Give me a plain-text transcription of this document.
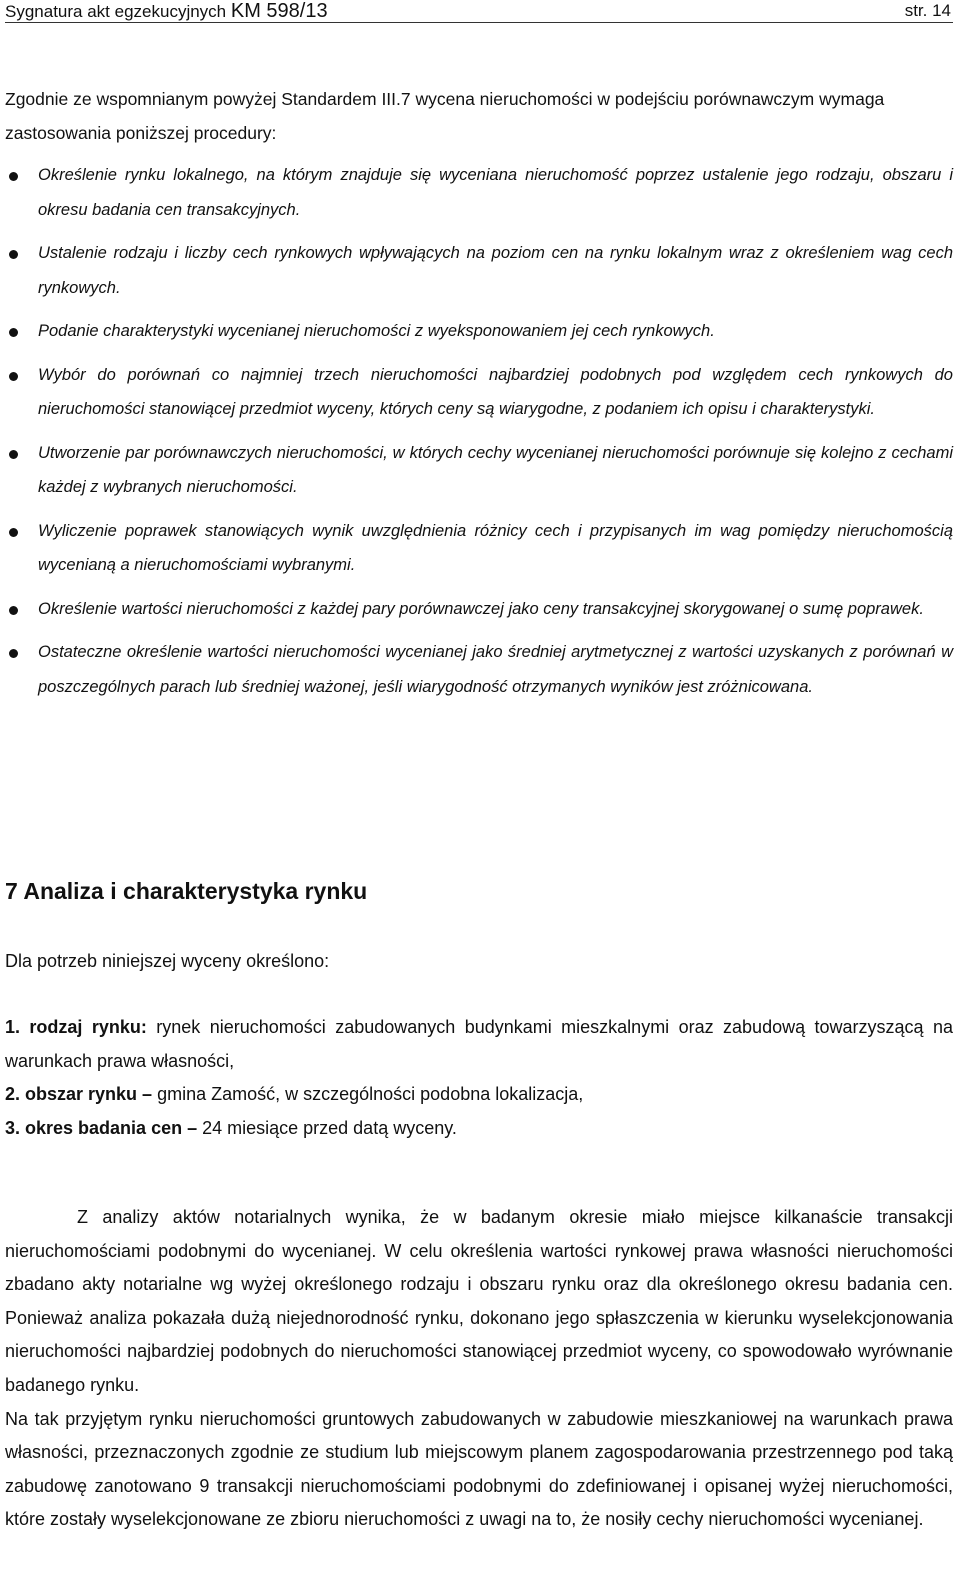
Sygnatura akt egzekucyjnych KM 598/13	str. 14
Zgodnie ze wspomnianym powyżej Standardem III.7 wycena nieruchomości w podejściu porównawczym wymaga zastosowania poniższej procedury:
Określenie rynku lokalnego, na którym znajduje się wyceniana nieruchomość poprzez ustalenie jego rodzaju, obszaru i okresu badania cen transakcyjnych.
Ustalenie rodzaju i liczby cech rynkowych wpływających na poziom cen na rynku lokalnym wraz z określeniem wag cech rynkowych.
Podanie charakterystyki wycenianej nieruchomości z wyeksponowaniem jej cech rynkowych.
Wybór do porównań co najmniej trzech nieruchomości najbardziej podobnych pod względem cech rynkowych do nieruchomości stanowiącej przedmiot wyceny, których ceny są wiarygodne, z podaniem ich opisu i charakterystyki.
Utworzenie par porównawczych nieruchomości, w których cechy wycenianej nieruchomości porównuje się kolejno z cechami każdej z wybranych nieruchomości.
Wyliczenie poprawek stanowiących wynik uwzględnienia różnicy cech i przypisanych im wag pomiędzy nieruchomością wycenianą a nieruchomościami wybranymi.
Określenie wartości nieruchomości z każdej pary porównawczej jako ceny transakcyjnej skorygowanej o sumę poprawek.
Ostateczne określenie wartości nieruchomości wycenianej jako średniej arytmetycznej z wartości uzyskanych z porównań w poszczególnych parach lub średniej ważonej, jeśli wiarygodność otrzymanych wyników jest zróżnicowana.
7 Analiza i charakterystyka rynku
Dla potrzeb niniejszej wyceny określono:
1. rodzaj rynku: rynek nieruchomości zabudowanych budynkami mieszkalnymi oraz zabudową towarzyszącą na warunkach prawa własności,
2. obszar rynku – gmina Zamość, w szczególności podobna lokalizacja,
3. okres badania cen – 24 miesiące przed datą wyceny.

Z analizy aktów notarialnych wynika, że w badanym okresie miało miejsce kilkanaście transakcji nieruchomościami podobnymi do wycenianej. W celu określenia wartości rynkowej prawa własności nieruchomości zbadano akty notarialne wg wyżej określonego rodzaju i obszaru rynku oraz dla określonego okresu badania cen. Ponieważ analiza pokazała dużą niejednorodność rynku, dokonano jego spłaszczenia w kierunku wyselekcjonowania nieruchomości najbardziej podobnych do nieruchomości stanowiącej przedmiot wyceny, co spowodowało wyrównanie badanego rynku.

Na tak przyjętym rynku nieruchomości gruntowych zabudowanych w zabudowie mieszkaniowej na warunkach prawa własności, przeznaczonych zgodnie ze studium lub miejscowym planem zagospodarowania przestrzennego pod taką zabudowę zanotowano 9 transakcji nieruchomościami podobnymi do zdefiniowanej i opisanej wyżej nieruchomości, które zostały wyselekcjonowane ze zbioru nieruchomości z uwagi na to, że nosiły cechy nieruchomości wycenianej.
